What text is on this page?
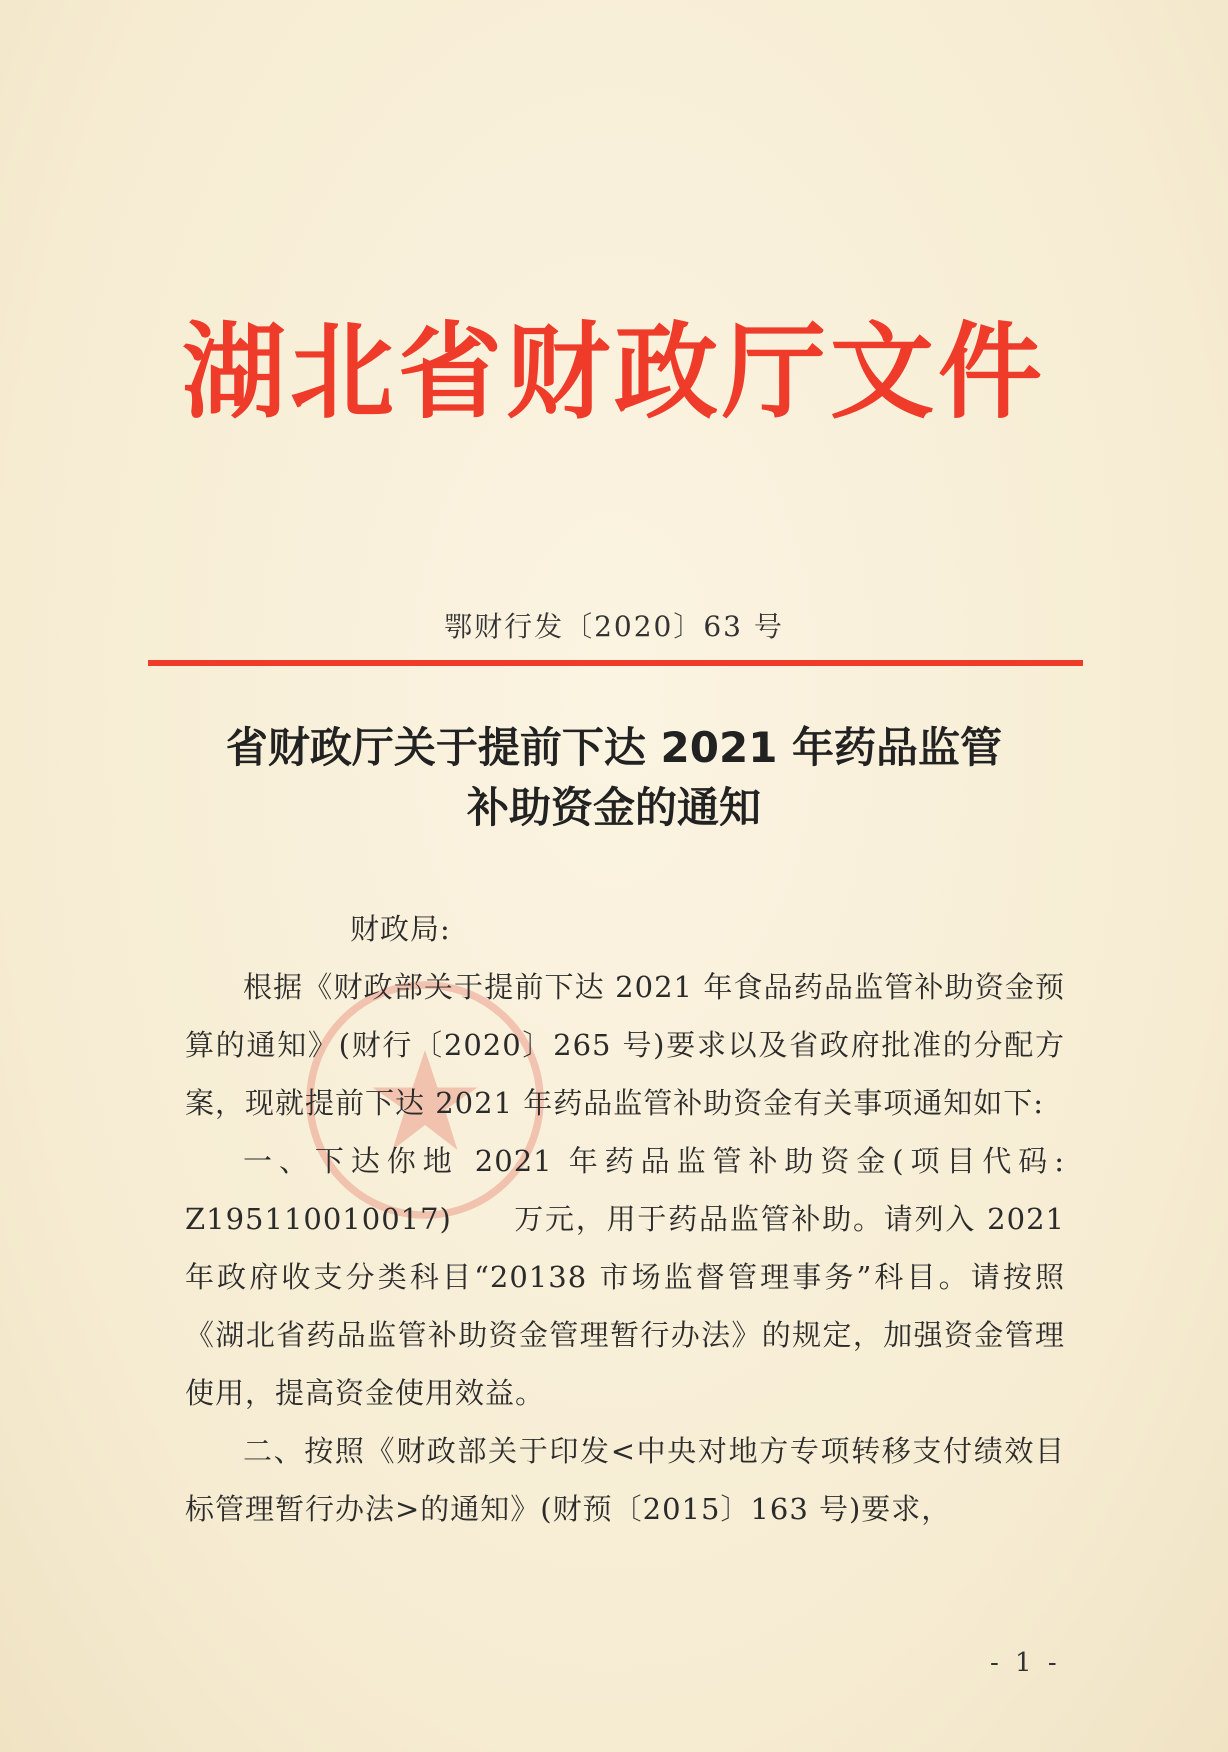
湖北省财政厅文件
鄂财行发〔2020〕63 号
省财政厅关于提前下达 2021 年药品监管
补助资金的通知

财政局:

根据《财政部关于提前下达 2021 年食品药品监管补助资金预算的通知》(财行〔2020〕265 号)要求以及省政府批准的分配方案，现就提前下达 2021 年药品监管补助资金有关事项通知如下:

一、下达你地 2021 年药品监管补助资金(项目代码: Z195110010017)　　万元，用于药品监管补助。请列入 2021 年政府收支分类科目“20138 市场监督管理事务”科目。请按照《湖北省药品监管补助资金管理暂行办法》的规定，加强资金管理使用，提高资金使用效益。

二、按照《财政部关于印发<中央对地方专项转移支付绩效目标管理暂行办法>的通知》(财预〔2015〕163 号)要求，

- 1 -
